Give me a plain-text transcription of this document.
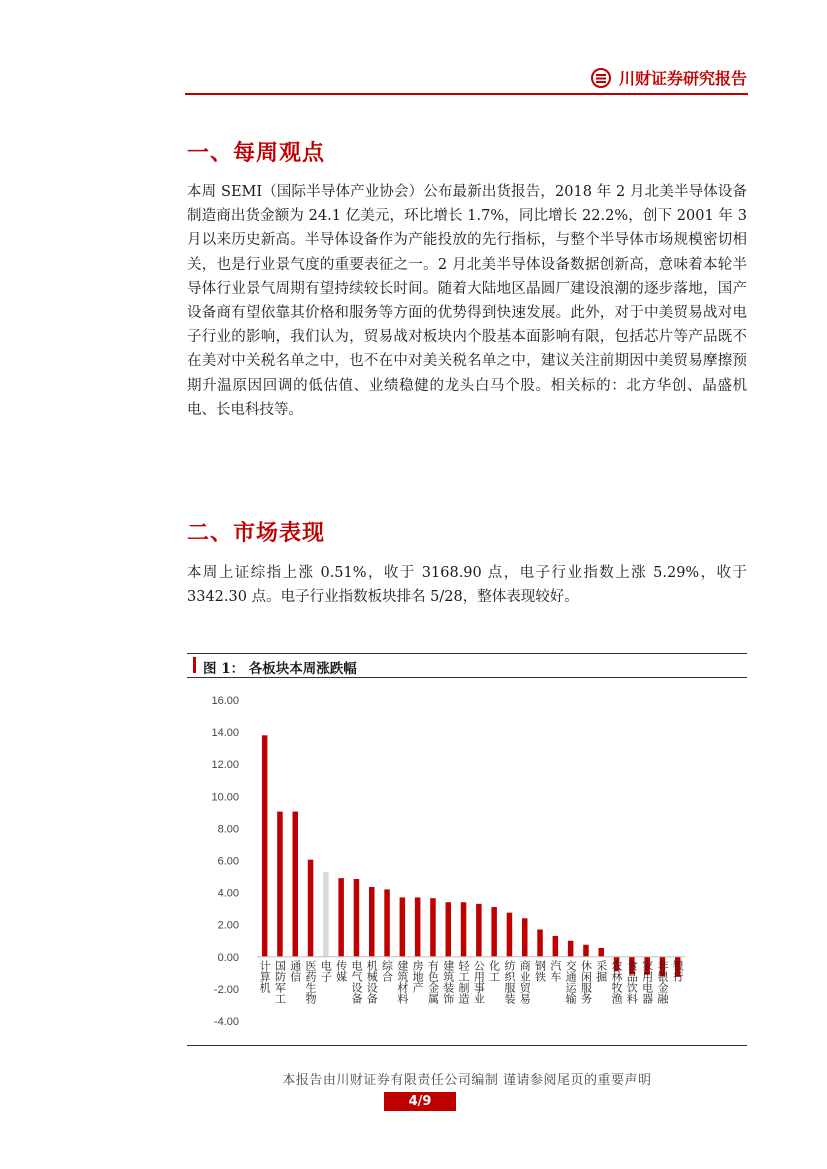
川财证券研究报告
一、每周观点

本周 SEMI（国际半导体产业协会）公布最新出货报告，2018 年 2 月北美半导体设备制造商出货金额为 24.1 亿美元，环比增长 1.7%，同比增长 22.2%，创下 2001 年 3 月以来历史新高。半导体设备作为产能投放的先行指标，与整个半导体市场规模密切相关，也是行业景气度的重要表征之一。2 月北美半导体设备数据创新高，意味着本轮半导体行业景气周期有望持续较长时间。随着大陆地区晶圆厂建设浪潮的逐步落地，国产设备商有望依靠其价格和服务等方面的优势得到快速发展。此外，对于中美贸易战对电子行业的影响，我们认为，贸易战对板块内个股基本面影响有限，包括芯片等产品既不在美对中关税名单之中，也不在中对美关税名单之中，建议关注前期因中美贸易摩擦预期升温原因回调的低估值、业绩稳健的龙头白马个股。相关标的：北方华创、晶盛机电、长电科技等。

二、市场表现

本周上证综指上涨 0.51%，收于 3168.90 点，电子行业指数上涨 5.29%，收于 3342.30 点。电子行业指数板块排名 5/28，整体表现较好。

图 1： 各板块本周涨跌幅
16.00
14.00
12.00
10.00
8.00
6.00
4.00
2.00
0.00
-2.00
-4.00
计算机 国防军工 通信 医药生物 电子 传媒 电气设备 机械设备 综合 建筑材料 房地产 有色金属 建筑装饰 轻工制造 公用事业 化工 纺织服装 商业贸易 钢铁 汽车 交通运输 休闲服务 采掘 农林牧渔 食品饮料 家用电器 非银金融 银行
本报告由川财证券有限责任公司编制 谨请参阅尾页的重要声明
4/9
